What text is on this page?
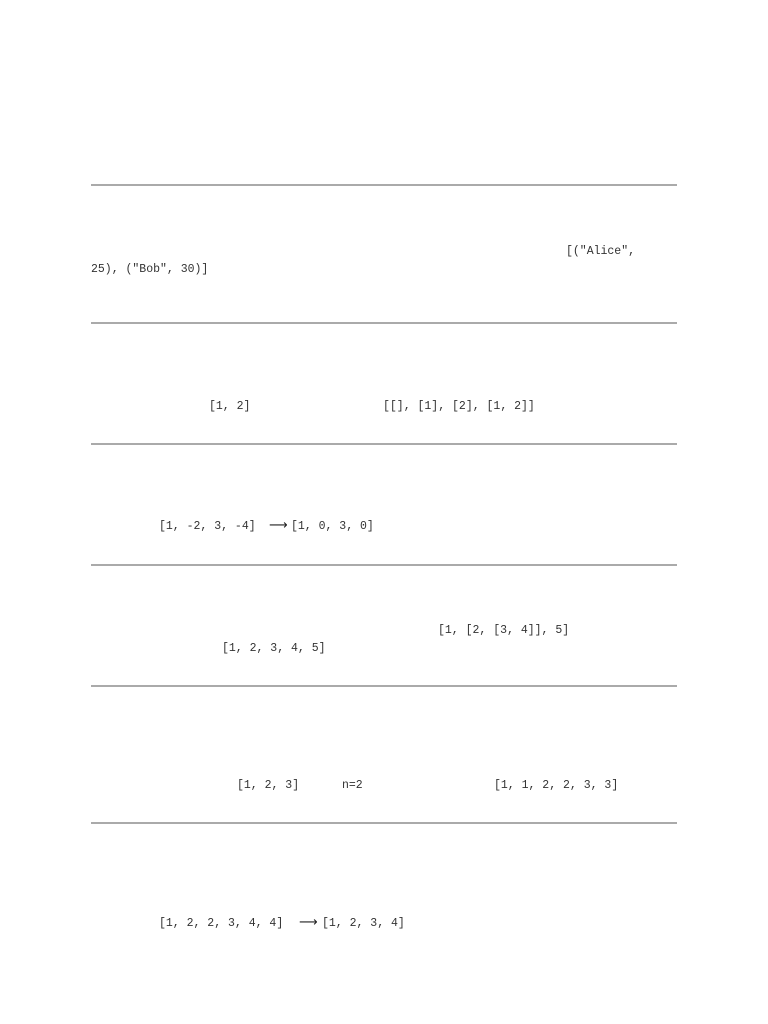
[("Alice",
25), ("Bob", 30)]
[1, 2]	[[], [1], [2], [1, 2]]
[1, -2, 3, -4] ⟶ [1, 0, 3, 0]
[1, [2, [3, 4]], 5]
[1, 2, 3, 4, 5]
[1, 2, 3]	n=2	[1, 1, 2, 2, 3, 3]
[1, 2, 2, 3, 4, 4] ⟶ [1, 2, 3, 4]
